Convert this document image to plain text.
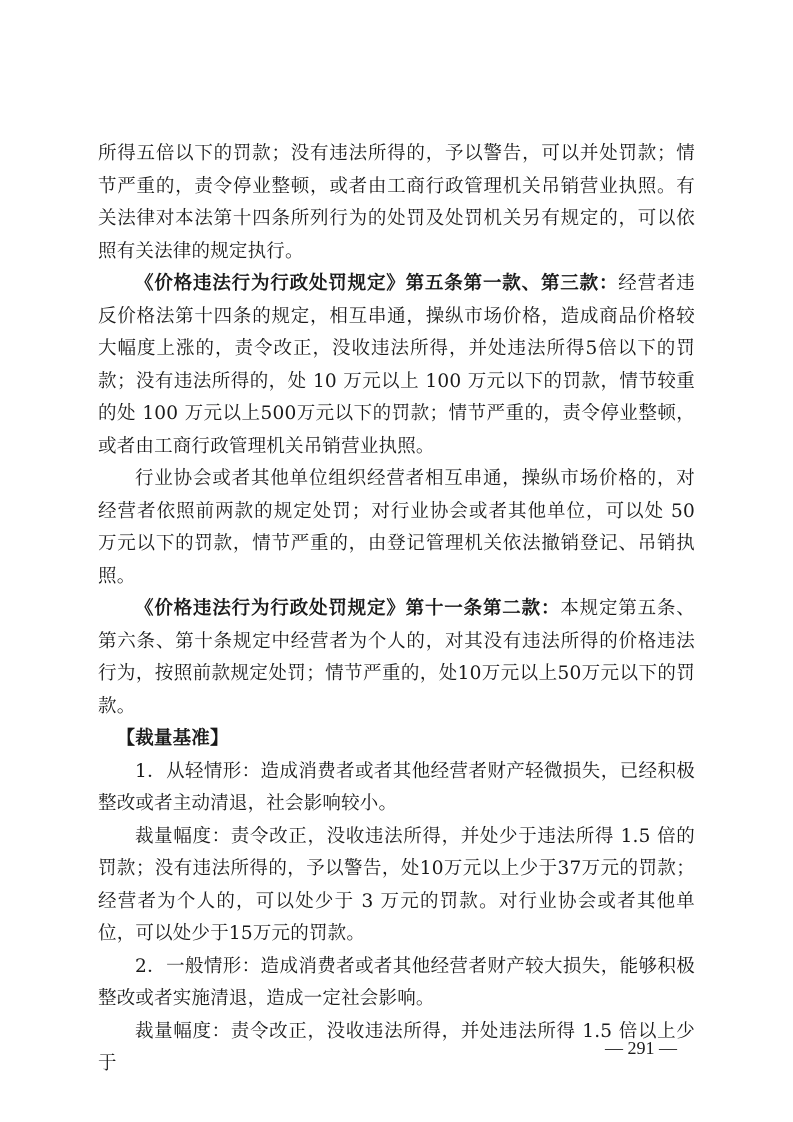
所得五倍以下的罚款；没有违法所得的，予以警告，可以并处罚款；情节严重的，责令停业整顿，或者由工商行政管理机关吊销营业执照。有关法律对本法第十四条所列行为的处罚及处罚机关另有规定的，可以依照有关法律的规定执行。

《价格违法行为行政处罚规定》第五条第一款、第三款：经营者违反价格法第十四条的规定，相互串通，操纵市场价格，造成商品价格较大幅度上涨的，责令改正，没收违法所得，并处违法所得5倍以下的罚款；没有违法所得的，处 10 万元以上 100 万元以下的罚款，情节较重的处 100 万元以上500万元以下的罚款；情节严重的，责令停业整顿，或者由工商行政管理机关吊销营业执照。

行业协会或者其他单位组织经营者相互串通，操纵市场价格的，对经营者依照前两款的规定处罚；对行业协会或者其他单位，可以处 50 万元以下的罚款，情节严重的，由登记管理机关依法撤销登记、吊销执照。

《价格违法行为行政处罚规定》第十一条第二款：本规定第五条、第六条、第十条规定中经营者为个人的，对其没有违法所得的价格违法行为，按照前款规定处罚；情节严重的，处10万元以上50万元以下的罚款。

【裁量基准】

1．从轻情形：造成消费者或者其他经营者财产轻微损失，已经积极整改或者主动清退，社会影响较小。

裁量幅度：责令改正，没收违法所得，并处少于违法所得 1.5 倍的罚款；没有违法所得的，予以警告，处10万元以上少于37万元的罚款；经营者为个人的，可以处少于 3 万元的罚款。对行业协会或者其他单位，可以处少于15万元的罚款。

2．一般情形：造成消费者或者其他经营者财产较大损失，能够积极整改或者实施清退，造成一定社会影响。

裁量幅度：责令改正，没收违法所得，并处违法所得 1.5 倍以上少于

— 291 —
